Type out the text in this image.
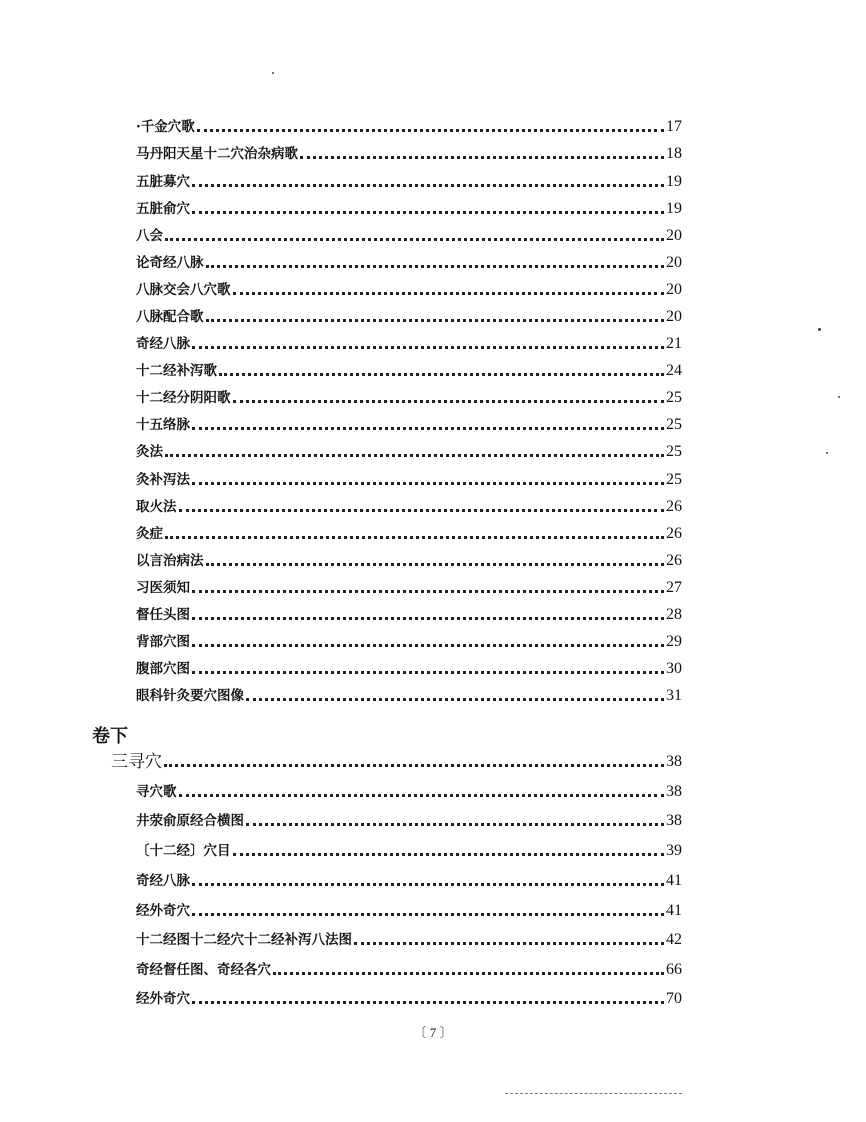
·千金穴歌	17
马丹阳天星十二穴治杂病歌	18
五脏募穴	19
五脏俞穴	19
八会	20
论奇经八脉	20
八脉交会八穴歌	20
八脉配合歌	20
奇经八脉	21
十二经补泻歌	24
十二经分阴阳歌	25
十五络脉	25
灸法	25
灸补泻法	25
取火法	26
灸症	26
以言治病法	26
习医须知	27
督任头图	28
背部穴图	29
腹部穴图	30
眼科针灸要穴图像	31
卷下
三寻穴	38
寻穴歌	38
井荥俞原经合横图	38
〔十二经〕穴目	39
奇经八脉	41
经外奇穴	41
十二经图十二经穴十二经补泻八法图	42
奇经督任图、奇经各穴	66
经外奇穴	70
〔 7 〕
